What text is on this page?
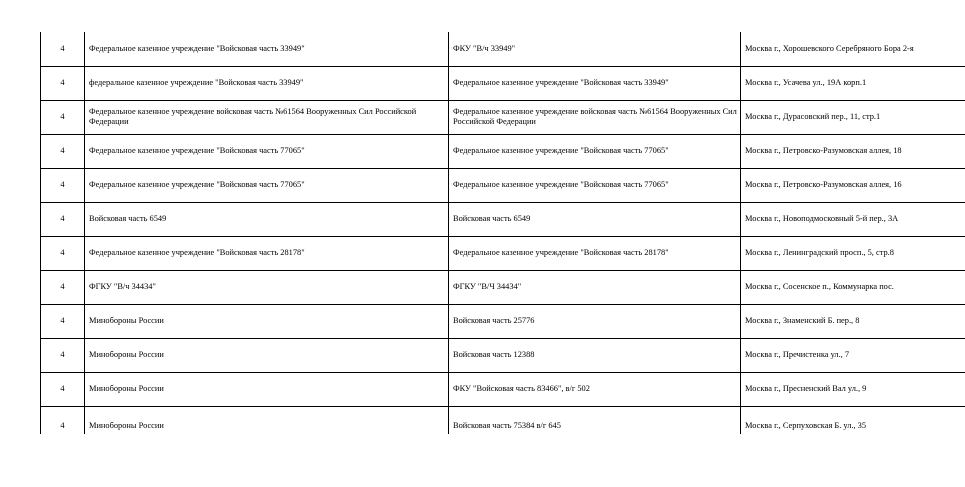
4	Федеральное казенное учреждение "Войсковая часть 33949"	ФКУ "В/ч 33949"	Москва г., Хорошевского Серебряного Бора 2-я
4	федеральное казенное учреждение "Войсковая часть 33949"	Федеральное казенное учреждение "Войсковая часть 33949"	Москва г., Усачева ул., 19А корп.1
4	Федеральное казенное учреждение войсковая часть №61564 Вооруженных Сил Российской Федерации	Федеральное казенное учреждение войсковая часть №61564 Вооруженных Сил Российской Федерации	Москва г., Дурасовский пер., 11, стр.1
4	Федеральное казенное учреждение "Войсковая часть 77065"	Федеральное казенное учреждение "Войсковая часть 77065"	Москва г., Петровско-Разумовская аллея, 18
4	Федеральное казенное учреждение "Войсковая часть 77065"	Федеральное казенное учреждение "Войсковая часть 77065"	Москва г., Петровско-Разумовская аллея, 16
4	Войсковая часть 6549	Войсковая часть 6549	Москва г., Новоподмосковный 5-й пер., 3А
4	Федеральное казенное учреждение "Войсковая часть 28178"	Федеральное казенное учреждение "Войсковая часть 28178"	Москва г., Ленинградский просп., 5, стр.8
4	ФГКУ "В/ч 34434"	ФГКУ "В/Ч 34434"	Москва г., Сосенское п., Коммунарка пос.
4	Минобороны России	Войсковая часть 25776	Москва г., Знаменский Б. пер., 8
4	Минобороны России	Войсковая часть 12388	Москва г., Пречистенка ул., 7
4	Минобороны России	ФКУ "Войсковая часть 83466", в/г 502	Москва г., Пресненский Вал ул., 9
4	Минобороны России	Войсковая часть 75384 в/г 645	Москва г., Серпуховская Б. ул., 35
